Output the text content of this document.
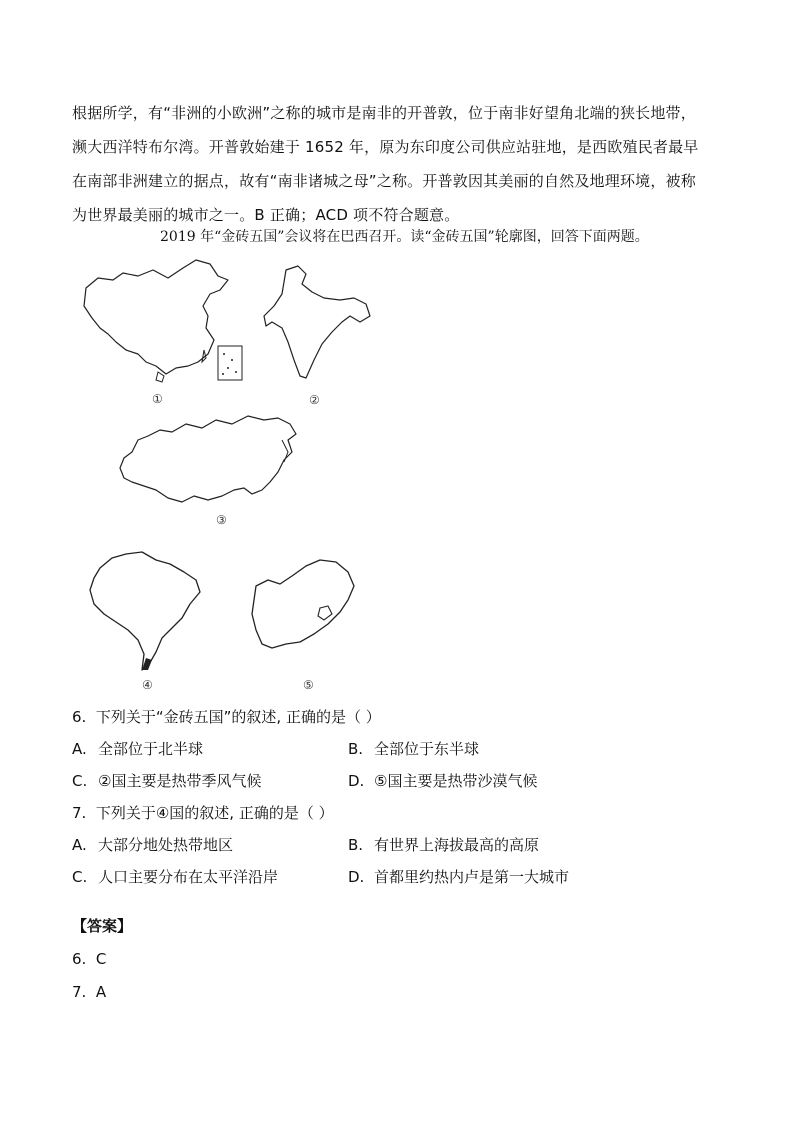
根据所学，有“非洲的小欧洲”之称的城市是南非的开普敦，位于南非好望角北端的狭长地带，

濒大西洋特布尔湾。开普敦始建于 1652 年，原为东印度公司供应站驻地，是西欧殖民者最早

在南部非洲建立的据点，故有“南非诸城之母”之称。开普敦因其美丽的自然及地理环境，被称

为世界最美丽的城市之一。B 正确；ACD 项不符合题意。

2019 年“金砖五国”会议将在巴西召开。读“金砖五国”轮廓图，回答下面两题。
①	②
③
④	⑤
6. 下列关于“金砖五国”的叙述, 正确的是（ ）
A. 全部位于北半球	B. 全部位于东半球
C. ②国主要是热带季风气候	D. ⑤国主要是热带沙漠气候
7. 下列关于④国的叙述, 正确的是（ ）
A. 大部分地处热带地区	B. 有世界上海拔最高的高原
C. 人口主要分布在太平洋沿岸	D. 首都里约热内卢是第一大城市
【答案】
6. C
7. A
